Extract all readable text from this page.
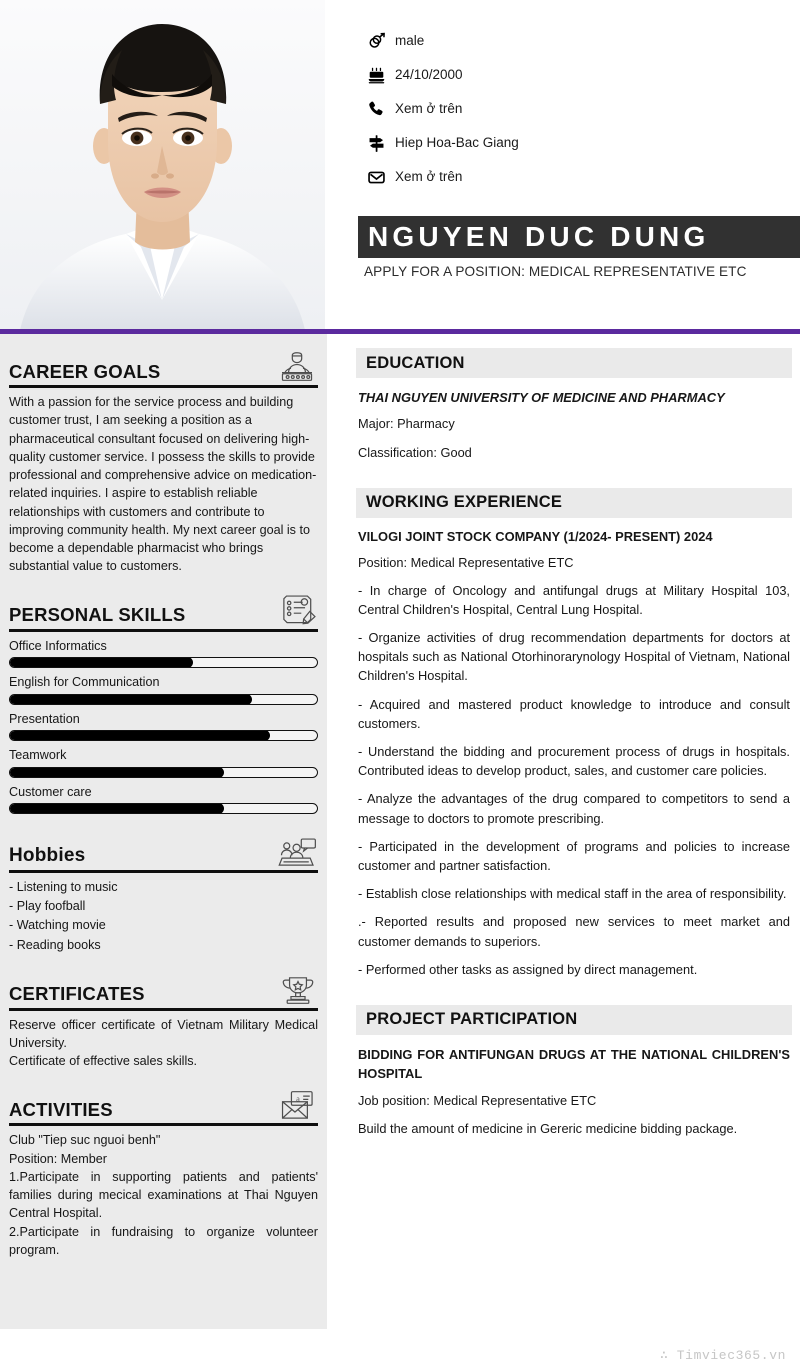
male
24/10/2000
Xem ở trên
Hiep Hoa-Bac Giang
Xem ở trên
NGUYEN DUC DUNG
APPLY FOR A POSITION: MEDICAL REPRESENTATIVE ETC
CAREER GOALS

With a passion for the service process and building customer trust, I am seeking a position as a pharmaceutical consultant focused on delivering high-quality customer service. I possess the skills to provide professional and comprehensive advice on medication-related inquiries. I aspire to establish reliable relationships with customers and contribute to improving community health. My next career goal is to become a dependable pharmacist who brings substantial value to customers.

PERSONAL SKILLS
Office Informatics
English for Communication
Presentation
Teamwork
Customer care
Hobbies
- Listening to music
- Play foofball
- Watching movie
- Reading books
CERTIFICATES

Reserve officer certificate of Vietnam Military Medical University.

Certificate of effective sales skills.

ACTIVITIES
a

Club "Tiep suc nguoi benh"

Position: Member

1.Participate in supporting patients and patients' families during mecical examinations at Thai Nguyen Central Hospital.

2.Participate in fundraising to organize volunteer program.

EDUCATION

THAI NGUYEN UNIVERSITY OF MEDICINE AND PHARMACY

Major: Pharmacy

Classification: Good

WORKING EXPERIENCE

VILOGI JOINT STOCK COMPANY (1/2024- PRESENT) 2024

Position: Medical Representative ETC

- In charge of Oncology and antifungal drugs at Military Hospital 103, Central Children's Hospital, Central Lung Hospital.

- Organize activities of drug recommendation departments for doctors at hospitals such as National Otorhinorarynology Hospital of Vietnam, National Children's Hospital.

- Acquired and mastered product knowledge to introduce and consult customers.

- Understand the bidding and procurement process of drugs in hospitals. Contributed ideas to develop product, sales, and customer care policies.

- Analyze the advantages of the drug compared to competitors to send a message to doctors to promote prescribing.

- Participated in the development of programs and policies to increase customer and partner satisfaction.

- Establish close relationships with medical staff in the area of responsibility.

.- Reported results and proposed new services to meet market and customer demands to superiors.

- Performed other tasks as assigned by direct management.

PROJECT PARTICIPATION

BIDDING FOR ANTIFUNGAN DRUGS AT THE NATIONAL CHILDREN'S HOSPITAL

Job position: Medical Representative ETC

Build the amount of medicine in Gereric medicine bidding package.

∴ Timviec365.vn
